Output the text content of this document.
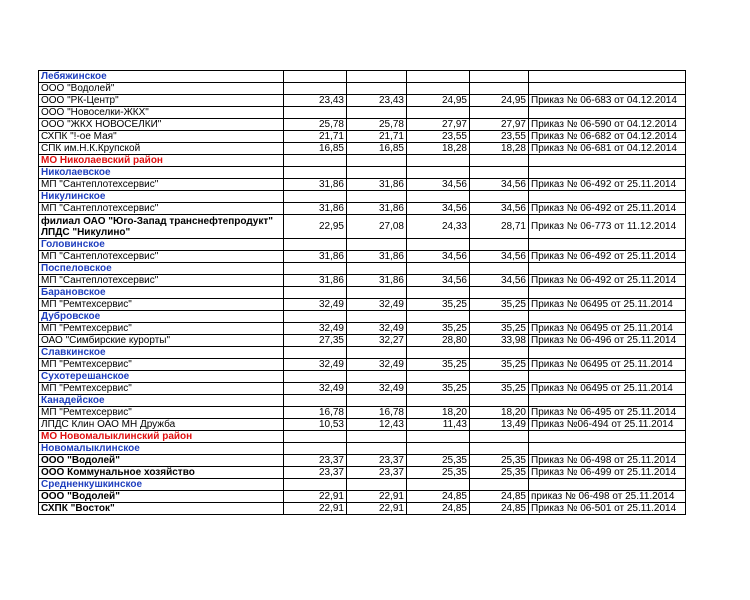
Лебяжинское					
ООО "Водолей"					
ООО "РК-Центр"	23,43	23,43	24,95	24,95	Приказ № 06-683 от 04.12.2014
ООО "Новоселки-ЖКХ"					
ООО "ЖКХ НОВОСЕЛКИ"	25,78	25,78	27,97	27,97	Приказ № 06-590 от 04.12.2014
СХПК "!-ое Мая"	21,71	21,71	23,55	23,55	Приказ № 06-682 от 04.12.2014
СПК им.Н.К.Крупской	16,85	16,85	18,28	18,28	Приказ № 06-681 от 04.12.2014
МО Николаевский район					
Николаевское					
МП "Сантеплотехсервис"	31,86	31,86	34,56	34,56	Приказ № 06-492 от 25.11.2014
Никулинское					
МП "Сантеплотехсервис"	31,86	31,86	34,56	34,56	Приказ № 06-492 от 25.11.2014
филиал ОАО "Юго-Запад транснефтепродукт" ЛПДС "Никулино"	22,95	27,08	24,33	28,71	Приказ № 06-773 от 11.12.2014
Головинское					
МП "Сантеплотехсервис"	31,86	31,86	34,56	34,56	Приказ № 06-492 от 25.11.2014
Поспеловское					
МП "Сантеплотехсервис"	31,86	31,86	34,56	34,56	Приказ № 06-492 от 25.11.2014
Барановское					
МП "Ремтехсервис"	32,49	32,49	35,25	35,25	Приказ № 06495 от 25.11.2014
Дубровское					
МП "Ремтехсервис"	32,49	32,49	35,25	35,25	Приказ № 06495 от 25.11.2014
ОАО "Симбирские курорты"	27,35	32,27	28,80	33,98	Приказ № 06-496 от 25.11.2014
Славкинское					
МП "Ремтехсервис"	32,49	32,49	35,25	35,25	Приказ № 06495 от 25.11.2014
Сухотерешанское					
МП "Ремтехсервис"	32,49	32,49	35,25	35,25	Приказ № 06495 от 25.11.2014
Канадейское					
МП "Ремтехсервис"	16,78	16,78	18,20	18,20	Приказ № 06-495 от 25.11.2014
ЛПДС Клин ОАО МН Дружба	10,53	12,43	11,43	13,49	Приказ №06-494 от 25.11.2014
МО Новомалыклинский район					
Новомалыклинское					
ООО "Водолей"	23,37	23,37	25,35	25,35	Приказ № 06-498 от 25.11.2014
ООО Коммунальное хозяйство	23,37	23,37	25,35	25,35	Приказ № 06-499 от 25.11.2014
Средненкушкинское					
ООО "Водолей"	22,91	22,91	24,85	24,85	приказ № 06-498 от 25.11.2014
СХПК "Восток"	22,91	22,91	24,85	24,85	Приказ № 06-501 от 25.11.2014
